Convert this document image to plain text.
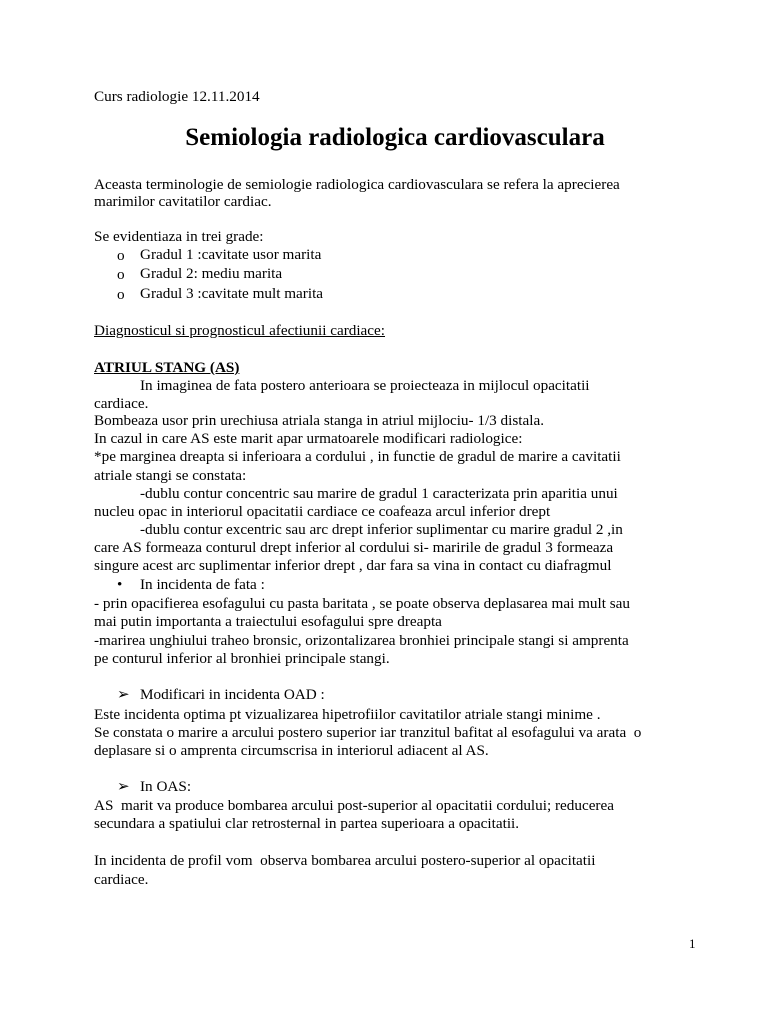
Curs radiologie 12.11.2014
Semiologia radiologica cardiovasculara
Aceasta terminologie de semiologie radiologica cardiovasculara se refera la aprecierea
marimilor cavitatilor cardiac.
Se evidentiaza in trei grade:
o Gradul 1 :cavitate usor marita
o Gradul 2: mediu marita
o Gradul 3 :cavitate mult marita
Diagnosticul si prognosticul afectiunii cardiace:
ATRIUL STANG (AS)
In imaginea de fata postero anterioara se proiecteaza in mijlocul opacitatii
cardiace.
Bombeaza usor prin urechiusa atriala stanga in atriul mijlociu- 1/3 distala.
In cazul in care AS este marit apar urmatoarele modificari radiologice:
*pe marginea dreapta si inferioara a cordului , in functie de gradul de marire a cavitatii
atriale stangi se constata:
-dublu contur concentric sau marire de gradul 1 caracterizata prin aparitia unui
nucleu opac in interiorul opacitatii cardiace ce coafeaza arcul inferior drept
-dublu contur excentric sau arc drept inferior suplimentar cu marire gradul 2 ,in
care AS formeaza conturul drept inferior al cordului si- maririle de gradul 3 formeaza
singure acest arc suplimentar inferior drept , dar fara sa vina in contact cu diafragmul
• In incidenta de fata :
- prin opacifierea esofagului cu pasta baritata , se poate observa deplasarea mai mult sau
mai putin importanta a traiectului esofagului spre dreapta
-marirea unghiului traheo bronsic, orizontalizarea bronhiei principale stangi si amprenta
pe conturul inferior al bronhiei principale stangi.
➢ Modificari in incidenta OAD :
Este incidenta optima pt vizualizarea hipetrofiilor cavitatilor atriale stangi minime .
Se constata o marire a arcului postero superior iar tranzitul bafitat al esofagului va arata  o
deplasare si o amprenta circumscrisa in interiorul adiacent al AS.
➢ In OAS:
AS  marit va produce bombarea arcului post-superior al opacitatii cordului; reducerea
secundara a spatiului clar retrosternal in partea superioara a opacitatii.
In incidenta de profil vom  observa bombarea arcului postero-superior al opacitatii
cardiace.
1
